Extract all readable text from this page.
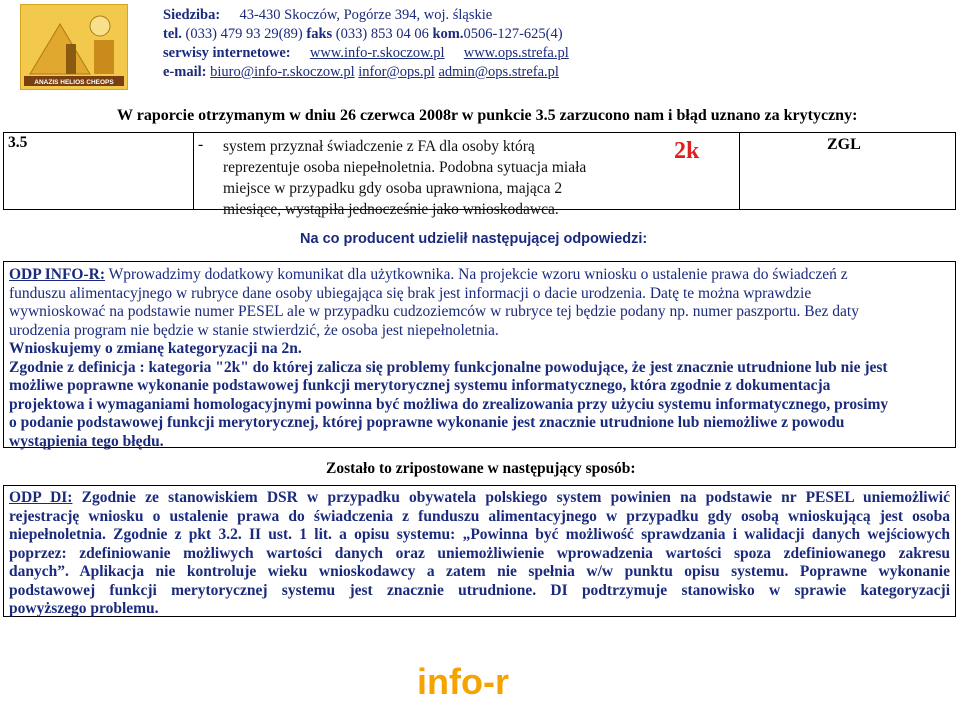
ANAZIS HELIOS CHEOPS
Siedziba: 43-430 Skoczów, Pogórze 394, woj. śląskie
tel. (033) 479 93 29(89) faks (033) 853 04 06 kom.0506-127-625(4)
serwisy internetowe: www.info-r.skoczow.pl www.ops.strefa.pl
e-mail: biuro@info-r.skoczow.pl infor@ops.pl admin@ops.strefa.pl
W raporcie otrzymanym w dniu 26 czerwca 2008r w punkcie 3.5 zarzucono nam i błąd uznano za krytyczny:
3.5	- system przyznał świadczenie z FA dla osoby którą
reprezentuje osoba niepełnoletnia. Podobna sytuacja miała
miejsce w przypadku gdy osoba uprawniona, mająca 2
miesiące, wystąpiła jednocześnie jako wnioskodawca.
2k	ZGL
Na co producent udzielił następującej odpowiedzi:
ODP INFO-R: Wprowadzimy dodatkowy komunikat dla użytkownika. Na projekcie wzoru wniosku o ustalenie prawa do świadczeń z
funduszu alimentacyjnego w rubryce dane osoby ubiegająca się brak jest informacji o dacie urodzenia. Datę te można wprawdzie
wywnioskować na podstawie numer PESEL ale w przypadku cudzoziemców w rubryce tej będzie podany np. numer paszportu. Bez daty
urodzenia program nie będzie w stanie stwierdzić, że osoba jest niepełnoletnia.
Wnioskujemy o zmianę kategoryzacji na 2n.
Zgodnie z definicja : kategoria "2k" do której zalicza się problemy funkcjonalne powodujące, że jest znacznie utrudnione lub nie jest
możliwe poprawne wykonanie podstawowej funkcji merytorycznej systemu informatycznego, która zgodnie z dokumentacja
projektowa i wymaganiami homologacyjnymi powinna być możliwa do zrealizowania przy użyciu systemu informatycznego, prosimy
o podanie podstawowej funkcji merytorycznej, której poprawne wykonanie jest znacznie utrudnione lub niemożliwe z powodu
wystąpienia tego błędu.
Zostało to zripostowane w następujący sposób:
ODP DI: Zgodnie ze stanowiskiem DSR w przypadku obywatela polskiego system powinien na podstawie nr PESEL uniemożliwić
rejestrację wniosku o ustalenie prawa do świadczenia z funduszu alimentacyjnego w przypadku gdy osobą wnioskującą jest osoba
niepełnoletnia. Zgodnie z pkt 3.2. II ust. 1 lit. a opisu systemu: „Powinna być możliwość sprawdzania i walidacji danych wejściowych
poprzez: zdefiniowanie możliwych wartości danych oraz uniemożliwienie wprowadzenia wartości spoza zdefiniowanego zakresu
danych”. Aplikacja nie kontroluje wieku wnioskodawcy a zatem nie spełnia w/w punktu opisu systemu. Poprawne wykonanie
podstawowej funkcji merytorycznej systemu jest znacznie utrudnione. DI podtrzymuje stanowisko w sprawie kategoryzacji
powyższego problemu.
info-r
